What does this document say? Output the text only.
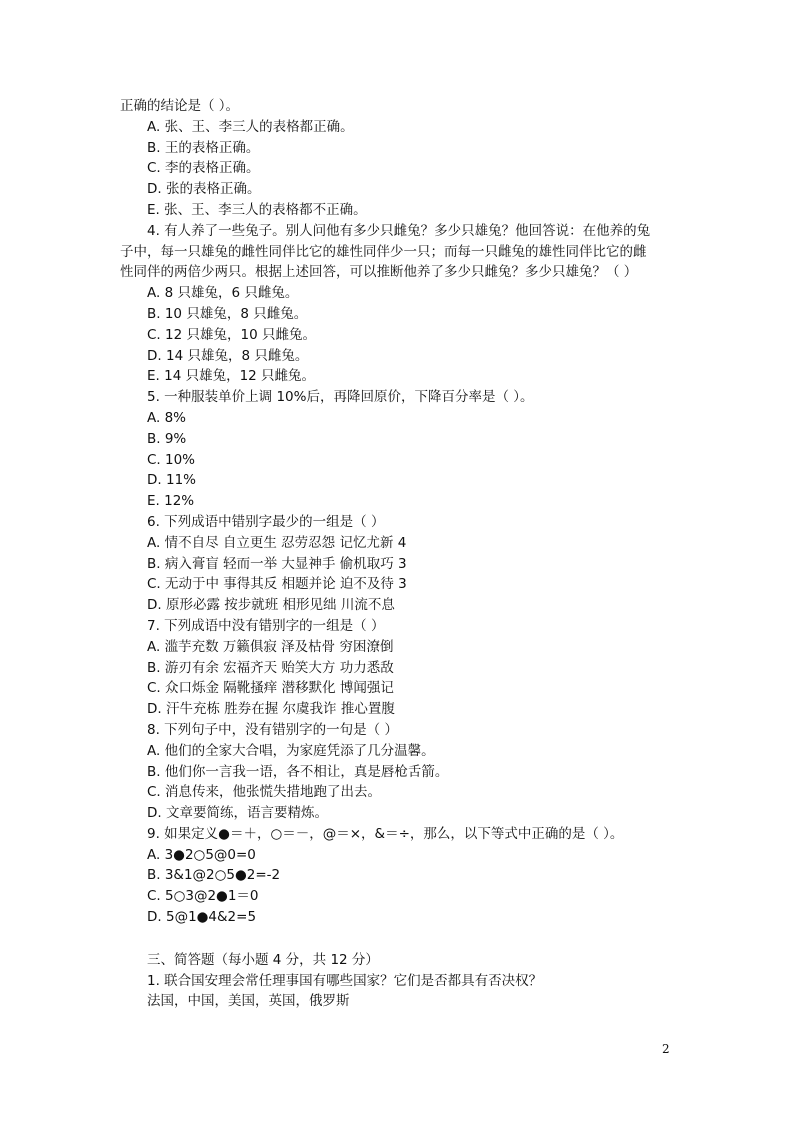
正确的结论是（ ）。
A. 张、王、李三人的表格都正确。
B. 王的表格正确。
C. 李的表格正确。
D. 张的表格正确。
E. 张、王、李三人的表格都不正确。
4. 有人养了一些兔子。别人问他有多少只雌兔？多少只雄兔？他回答说：在他养的兔
子中，每一只雄兔的雌性同伴比它的雄性同伴少一只；而每一只雌兔的雄性同伴比它的雌
性同伴的两倍少两只。根据上述回答，可以推断他养了多少只雌兔？多少只雄兔？（ ）
A. 8 只雄兔，6 只雌兔。
B. 10 只雄兔，8 只雌兔。
C. 12 只雄兔，10 只雌兔。
D. 14 只雄兔，8 只雌兔。
E. 14 只雄兔，12 只雌兔。
5. 一种服装单价上调 10%后，再降回原价，下降百分率是（ ）。
A. 8%
B. 9%
C. 10%
D. 11%
E. 12%
6. 下列成语中错别字最少的一组是（ ）
A. 情不自尽 自立更生 忍劳忍怨 记忆尤新 4
B. 病入膏盲 轻而一举 大显神手 偷机取巧 3
C. 无动于中 事得其反 相题并论 迫不及待 3
D. 原形必露 按步就班 相形见绌 川流不息
7. 下列成语中没有错别字的一组是（ ）
A. 滥芋充数 万籁俱寂 泽及枯骨 穷困潦倒
B. 游刃有余 宏福齐天 贻笑大方 功力悉敌
C. 众口烁金 隔靴搔痒 潜移默化 博闻强记
D. 汗牛充栋 胜券在握 尔虞我诈 推心置腹
8. 下列句子中，没有错别字的一句是（ ）
A. 他们的全家大合唱，为家庭凭添了几分温馨。
B. 他们你一言我一语，各不相让，真是唇枪舌箭。
C. 消息传来，他张慌失措地跑了出去。
D. 文章要简练，语言要精炼。
9. 如果定义●＝＋，○＝－，@＝×，&＝÷，那么，以下等式中正确的是（ ）。
A. 3●2○5@0=0
B. 3&1@2○5●2=-2
C. 5○3@2●1＝0
D. 5@1●4&2=5
三、简答题（每小题 4 分，共 12 分）
1. 联合国安理会常任理事国有哪些国家？它们是否都具有否决权？
法国，中国，美国，英国，俄罗斯
2
